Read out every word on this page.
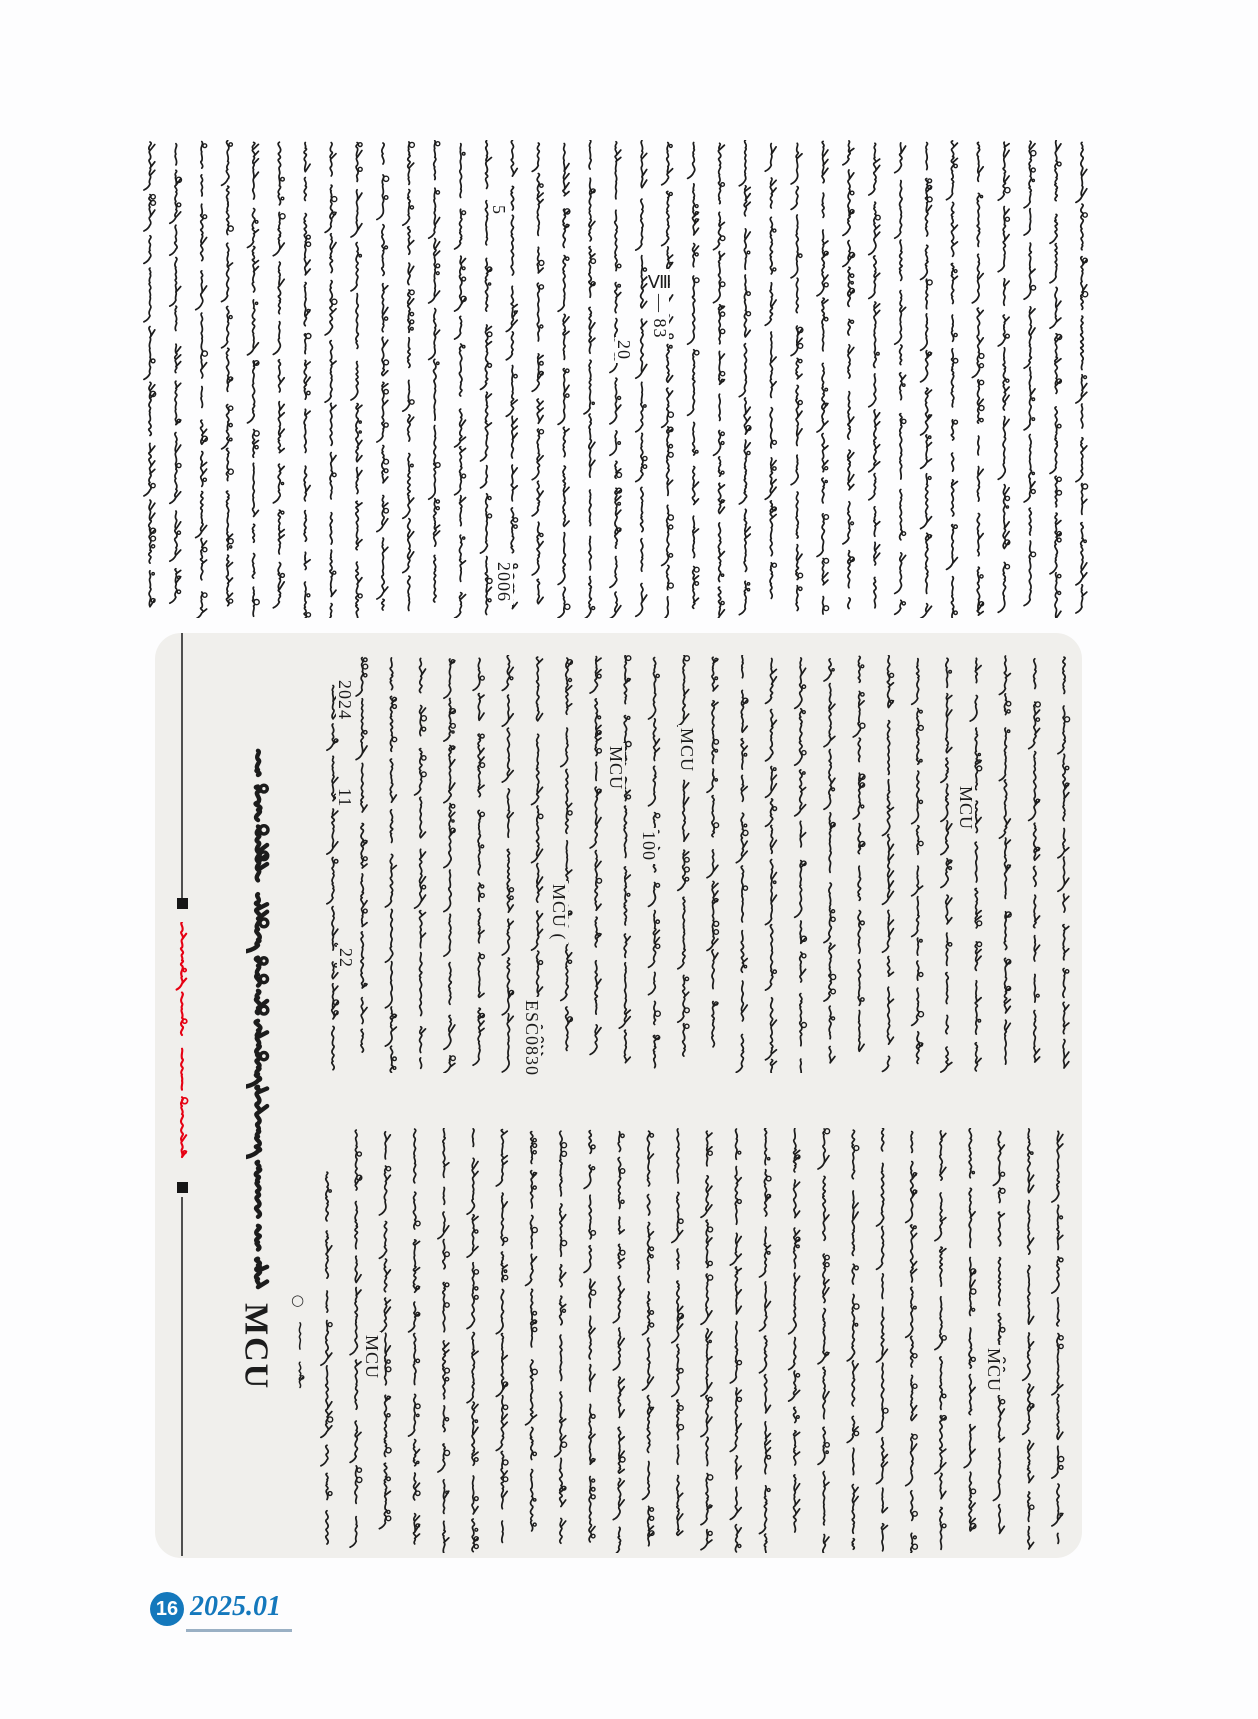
MCU
○
5
Ⅷ— 83
20
2006
2024
11
22
MCU
MCU
100
MCU (
MCU
ESC0830
MCU	MCU
16 2025.01
